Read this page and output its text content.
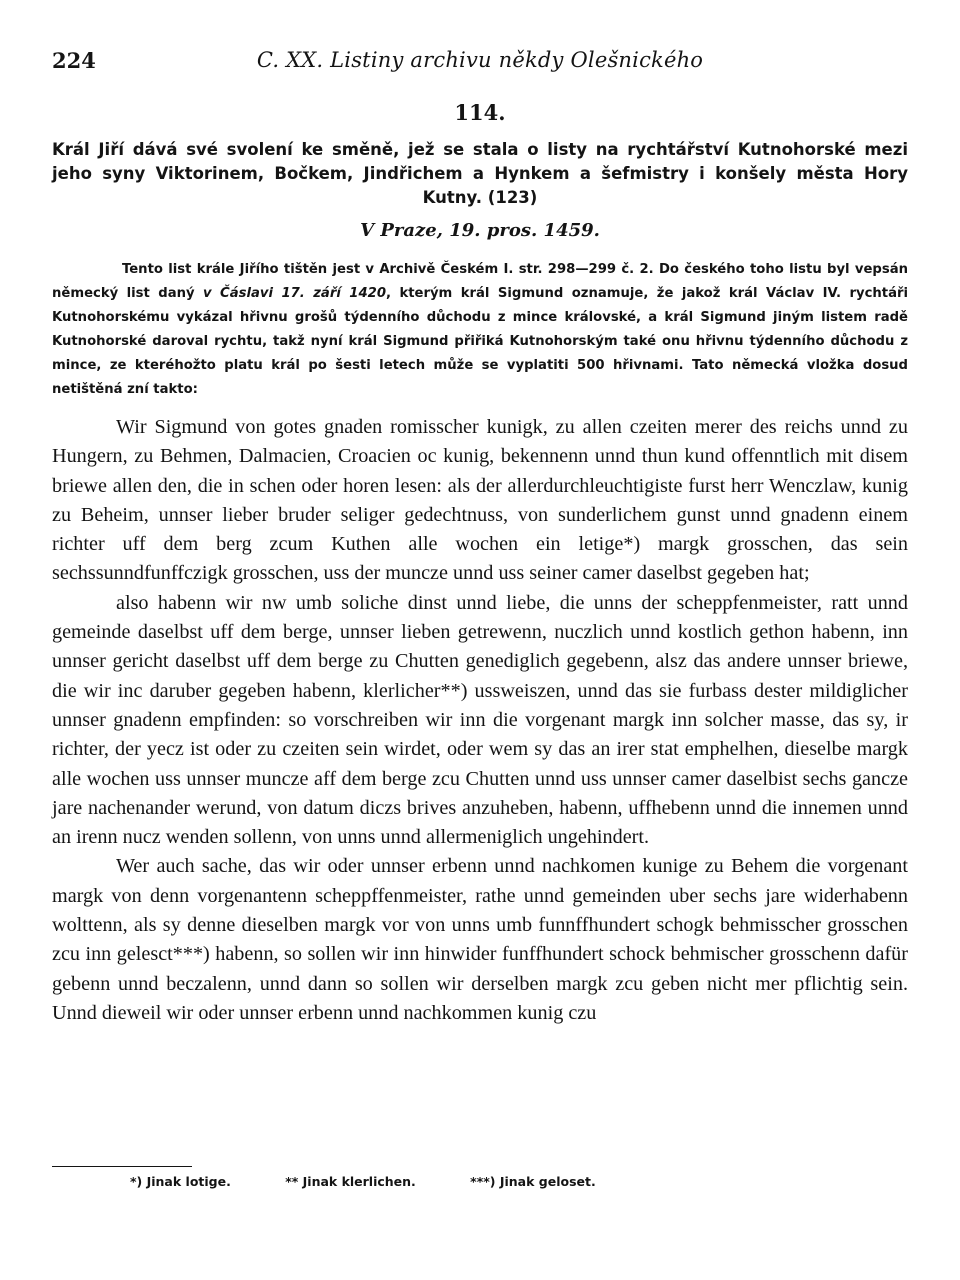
224	C. XX. Listiny archivu někdy Olešnického
114.
Král Jiří dává své svolení ke směně, jež se stala o listy na rychtářství Kutnohorské mezi jeho syny Viktorinem, Bočkem, Jindřichem a Hynkem a šefmistry i konšely města Hory Kutny. (123)
V Praze, 19. pros. 1459.
Tento list krále Jiřího tištěn jest v Archivě Českém I. str. 298—299 č. 2. Do českého toho listu byl vepsán německý list daný v Čáslavi 17. září 1420, kterým král Sigmund oznamuje, že jakož král Václav IV. rychtáři Kutnohorskému vykázal hřivnu grošů týdenního důchodu z mince královské, a král Sigmund jiným listem radě Kutnohorské daroval rychtu, takž nyní král Sigmund přiřiká Kutnohorským také onu hřivnu týdenního důchodu z mince, ze kteréhožto platu král po šesti letech může se vyplatiti 500 hřivnami. Tato německá vložka dosud netištěná zní takto:

Wir Sigmund von gotes gnaden romisscher kunigk, zu allen czeiten merer des reichs unnd zu Hungern, zu Behmen, Dalmacien, Croacien oc kunig, bekennenn unnd thun kund offenntlich mit disem briewe allen den, die in schen oder horen lesen: als der allerdurchleuchtigiste furst herr Wenczlaw, kunig zu Beheim, unnser lieber bruder seliger gedechtnuss, von sunderlichem gunst unnd gnadenn einem richter uff dem berg zcum Kuthen alle wochen ein letige*) margk grosschen, das sein sechssunndfunffczigk grosschen, uss der muncze unnd uss seiner camer daselbst gegeben hat;

also habenn wir nw umb soliche dinst unnd liebe, die unns der scheppfenmeister, ratt unnd gemeinde daselbst uff dem berge, unnser lieben getrewenn, nuczlich unnd kostlich gethon habenn, inn unnser gericht daselbst uff dem berge zu Chutten genediglich gegebenn, alsz das andere unnser briewe, die wir inc daruber gegeben habenn, klerlicher**) ussweiszen, unnd das sie furbass dester mildiglicher unnser gnadenn empfinden: so vorschreiben wir inn die vorgenant margk inn solcher masse, das sy, ir richter, der yecz ist oder zu czeiten sein wirdet, oder wem sy das an irer stat emphelhen, dieselbe margk alle wochen uss unnser muncze aff dem berge zcu Chutten unnd uss unnser camer daselbist sechs gancze jare nachenander werund, von datum diczs brives anzuheben, habenn, uffhebenn unnd die innemen unnd an irenn nucz wenden sollenn, von unns unnd allermeniglich ungehindert.

Wer auch sache, das wir oder unnser erbenn unnd nachkomen kunige zu Behem die vorgenant margk von denn vorgenantenn scheppffenmeister, rathe unnd gemeinden uber sechs jare widerhabenn wolttenn, als sy denne dieselben margk vor von unns umb funnffhundert schogk behmisscher grosschen zcu inn gelesct***) habenn, so sollen wir inn hinwider funffhundert schock behmischer grosschenn dafür gebenn unnd beczalenn, unnd dann so sollen wir derselben margk zcu geben nicht mer pflichtig sein. Unnd dieweil wir oder unnser erbenn unnd nachkommen kunig czu

*) Jinak lotige.	** Jinak klerlichen.	***) Jinak geloset.
